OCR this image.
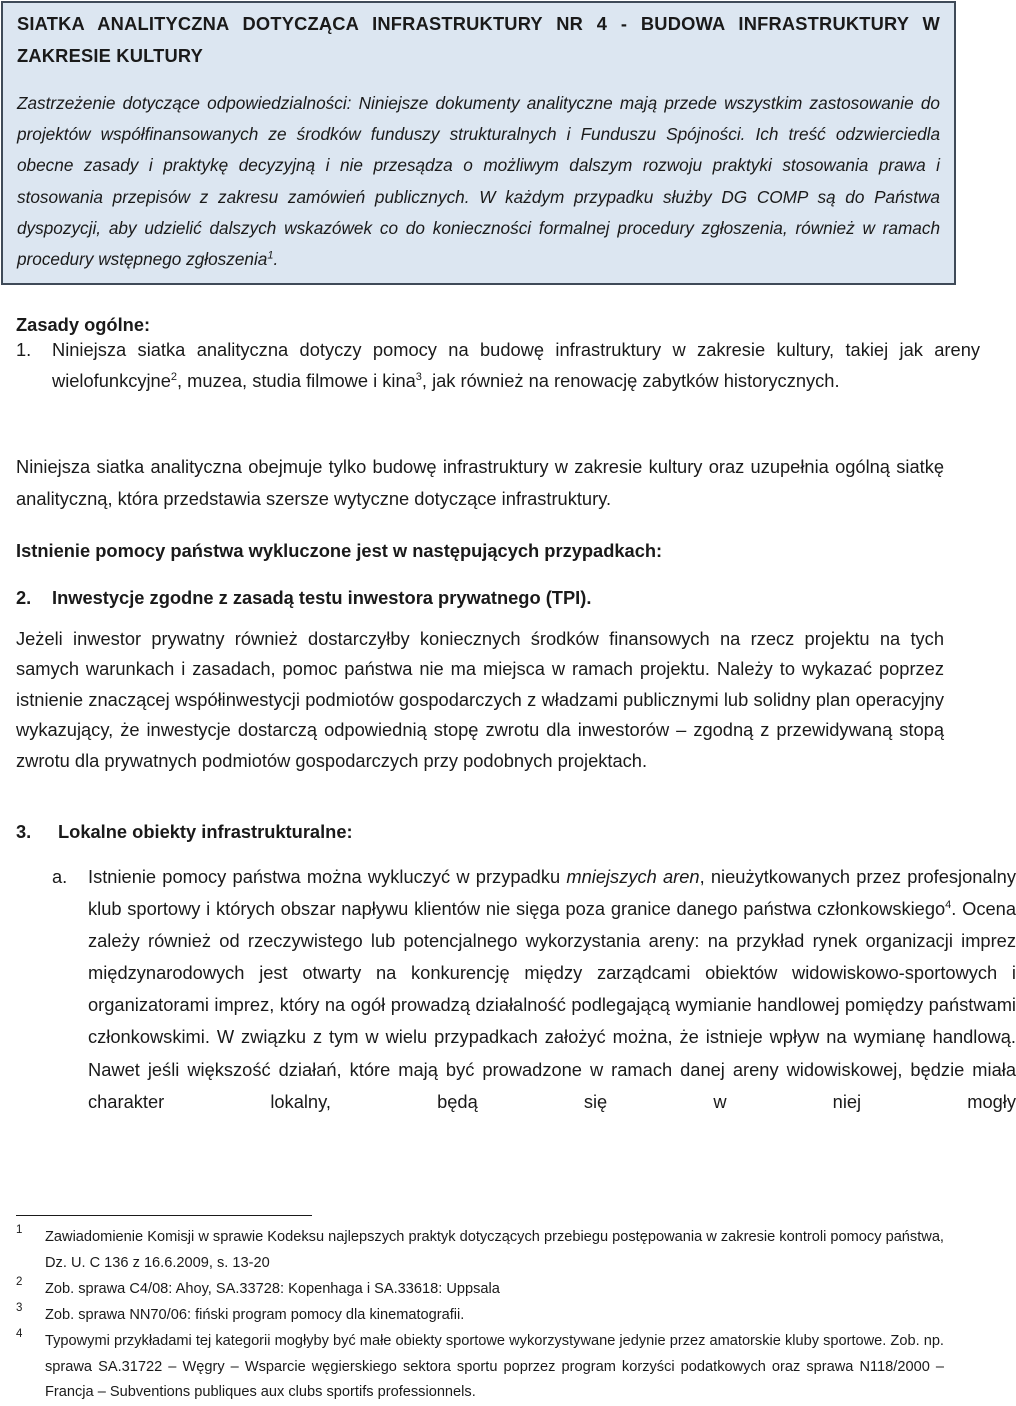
SIATKA ANALITYCZNA DOTYCZĄCA INFRASTRUKTURY NR 4 - BUDOWA INFRASTRUKTURY W ZAKRESIE KULTURY

Zastrzeżenie dotyczące odpowiedzialności: Niniejsze dokumenty analityczne mają przede wszystkim zastosowanie do projektów współfinansowanych ze środków funduszy strukturalnych i Funduszu Spójności. Ich treść odzwierciedla obecne zasady i praktykę decyzyjną i nie przesądza o możliwym dalszym rozwoju praktyki stosowania prawa i stosowania przepisów z zakresu zamówień publicznych. W każdym przypadku służby DG COMP są do Państwa dyspozycji, aby udzielić dalszych wskazówek co do konieczności formalnej procedury zgłoszenia, również w ramach procedury wstępnego zgłoszenia$^1$.
Zasady ogólne:
1. Niniejsza siatka analityczna dotyczy pomocy na budowę infrastruktury w zakresie kultury, takiej jak areny wielofunkcyjne$^2$, muzea, studia filmowe i kina$^3$, jak również na renowację zabytków historycznych.
Niniejsza siatka analityczna obejmuje tylko budowę infrastruktury w zakresie kultury oraz uzupełnia ogólną siatkę analityczną, która przedstawia szersze wytyczne dotyczące infrastruktury.
Istnienie pomocy państwa wykluczone jest w następujących przypadkach:
2. Inwestycje zgodne z zasadą testu inwestora prywatnego (TPI).
Jeżeli inwestor prywatny również dostarczyłby koniecznych środków finansowych na rzecz projektu na tych samych warunkach i zasadach, pomoc państwa nie ma miejsca w ramach projektu. Należy to wykazać poprzez istnienie znaczącej współinwestycji podmiotów gospodarczych z władzami publicznymi lub solidny plan operacyjny wykazujący, że inwestycje dostarczą odpowiednią stopę zwrotu dla inwestorów – zgodną z przewidywaną stopą zwrotu dla prywatnych podmiotów gospodarczych przy podobnych projektach.
3. Lokalne obiekty infrastrukturalne:
a. Istnienie pomocy państwa można wykluczyć w przypadku mniejszych aren, nieużytkowanych przez profesjonalny klub sportowy i których obszar napływu klientów nie sięga poza granice danego państwa członkowskiego$^4$. Ocena zależy również od rzeczywistego lub potencjalnego wykorzystania areny: na przykład rynek organizacji imprez międzynarodowych jest otwarty na konkurencję między zarządcami obiektów widowiskowo-sportowych i organizatorami imprez, który na ogół prowadzą działalność podlegającą wymianie handlowej pomiędzy państwami członkowskimi. W związku z tym w wielu przypadkach założyć można, że istnieje wpływ na wymianę handlową. Nawet jeśli większość działań, które mają być prowadzone w ramach danej areny widowiskowej, będzie miała charakter lokalny, będą się w niej mogły
1	Zawiadomienie Komisji w sprawie Kodeksu najlepszych praktyk dotyczących przebiegu postępowania w zakresie kontroli pomocy państwa, Dz. U. C 136 z 16.6.2009, s. 13-20
2	Zob. sprawa C4/08: Ahoy, SA.33728: Kopenhaga i SA.33618: Uppsala
3	Zob. sprawa NN70/06: fiński program pomocy dla kinematografii.
4	Typowymi przykładami tej kategorii mogłyby być małe obiekty sportowe wykorzystywane jedynie przez amatorskie kluby sportowe. Zob. np. sprawa SA.31722 – Węgry – Wsparcie węgierskiego sektora sportu poprzez program korzyści podatkowych oraz sprawa N118/2000 – Francja – Subventions publiques aux clubs sportifs professionnels.
